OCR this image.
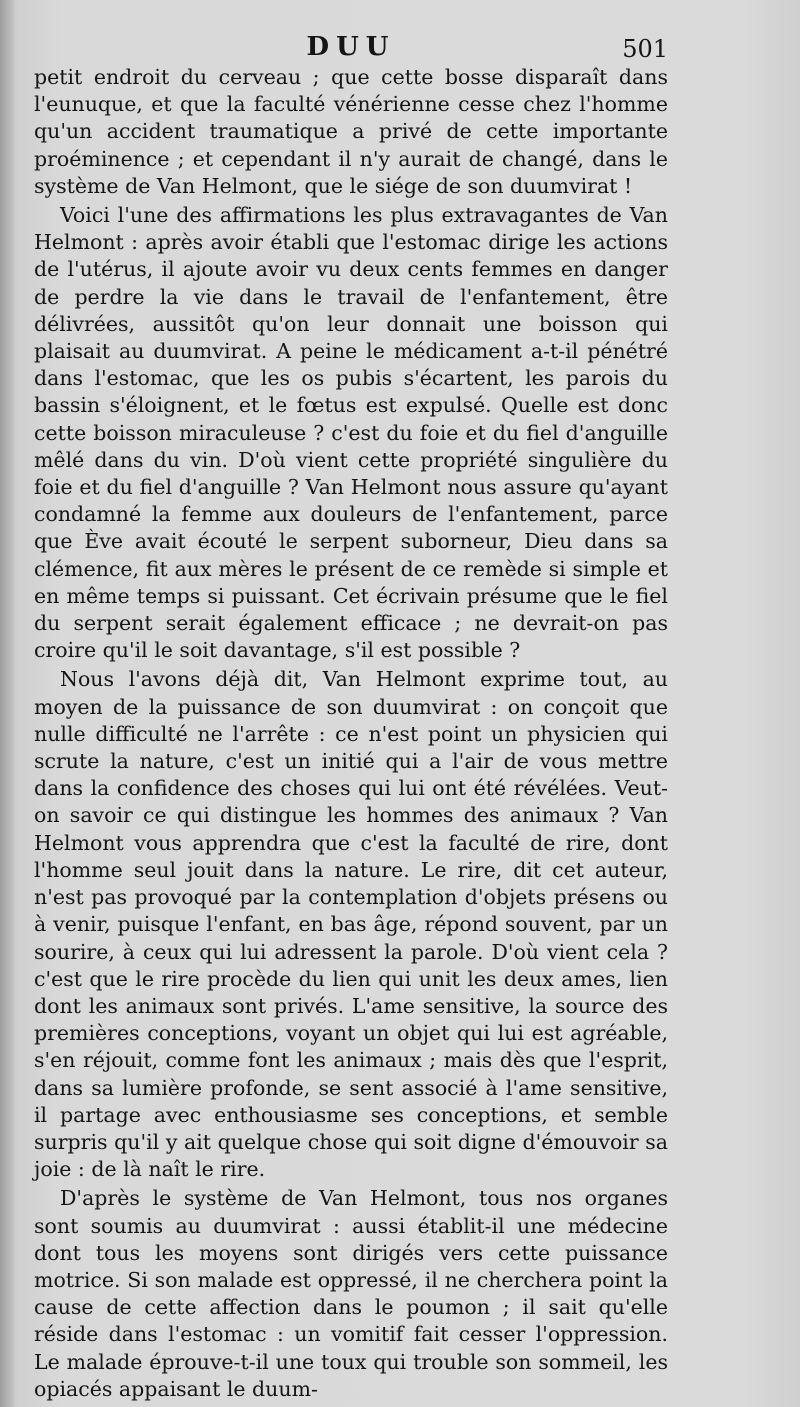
DUU	501

petit endroit du cerveau ; que cette bosse disparaît dans l'eunuque, et que la faculté vénérienne cesse chez l'homme qu'un accident traumatique a privé de cette importante proéminence ; et cependant il n'y aurait de changé, dans le système de Van Helmont, que le siége de son duumvirat !

Voici l'une des affirmations les plus extravagantes de Van Helmont : après avoir établi que l'estomac dirige les actions de l'utérus, il ajoute avoir vu deux cents femmes en danger de perdre la vie dans le travail de l'enfantement, être délivrées, aussitôt qu'on leur donnait une boisson qui plaisait au duumvirat. A peine le médicament a-t-il pénétré dans l'estomac, que les os pubis s'écartent, les parois du bassin s'éloignent, et le fœtus est expulsé. Quelle est donc cette boisson miraculeuse ? c'est du foie et du fiel d'anguille mêlé dans du vin. D'où vient cette propriété singulière du foie et du fiel d'anguille ? Van Helmont nous assure qu'ayant condamné la femme aux douleurs de l'enfantement, parce que Ève avait écouté le serpent suborneur, Dieu dans sa clémence, fit aux mères le présent de ce remède si simple et en même temps si puissant. Cet écrivain présume que le fiel du serpent serait également efficace ; ne devrait-on pas croire qu'il le soit davantage, s'il est possible ?

Nous l'avons déjà dit, Van Helmont exprime tout, au moyen de la puissance de son duumvirat : on conçoit que nulle difficulté ne l'arrête : ce n'est point un physicien qui scrute la nature, c'est un initié qui a l'air de vous mettre dans la confidence des choses qui lui ont été révélées. Veut-on savoir ce qui distingue les hommes des animaux ? Van Helmont vous apprendra que c'est la faculté de rire, dont l'homme seul jouit dans la nature. Le rire, dit cet auteur, n'est pas provoqué par la contemplation d'objets présens ou à venir, puisque l'enfant, en bas âge, répond souvent, par un sourire, à ceux qui lui adressent la parole. D'où vient cela ? c'est que le rire procède du lien qui unit les deux ames, lien dont les animaux sont privés. L'ame sensitive, la source des premières conceptions, voyant un objet qui lui est agréable, s'en réjouit, comme font les animaux ; mais dès que l'esprit, dans sa lumière profonde, se sent associé à l'ame sensitive, il partage avec enthousiasme ses conceptions, et semble surpris qu'il y ait quelque chose qui soit digne d'émouvoir sa joie : de là naît le rire.

D'après le système de Van Helmont, tous nos organes sont soumis au duumvirat : aussi établit-il une médecine dont tous les moyens sont dirigés vers cette puissance motrice. Si son malade est oppressé, il ne cherchera point la cause de cette affection dans le poumon ; il sait qu'elle réside dans l'estomac : un vomitif fait cesser l'oppression. Le malade éprouve-t-il une toux qui trouble son sommeil, les opiacés appaisant le duum-
